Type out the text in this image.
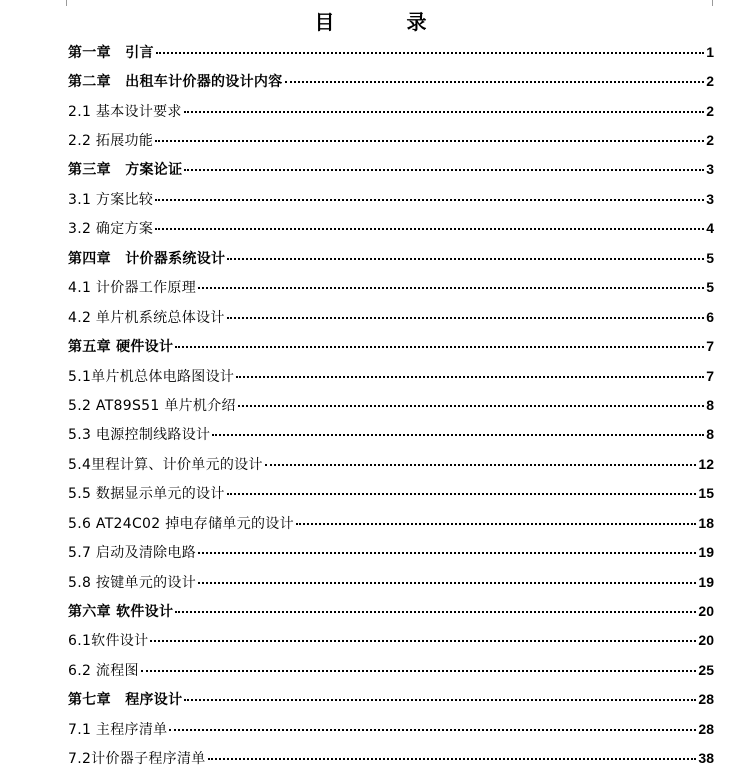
目　录
第一章　引言	1
第二章　出租车计价器的设计内容	2
2.1 基本设计要求	2
2.2 拓展功能	2
第三章　方案论证	3
3.1 方案比较	3
3.2 确定方案	4
第四章　计价器系统设计	5
4.1 计价器工作原理	5
4.2 单片机系统总体设计	6
第五章 硬件设计	7
5.1单片机总体电路图设计	7
5.2 AT89S51 单片机介绍	8
5.3 电源控制线路设计	8
5.4里程计算、计价单元的设计	12
5.5 数据显示单元的设计	15
5.6 AT24C02 掉电存储单元的设计	18
5.7 启动及清除电路	19
5.8 按键单元的设计	19
第六章 软件设计	20
6.1软件设计	20
6.2 流程图	25
第七章　程序设计	28
7.1 主程序清单	28
7.2计价器子程序清单	38
